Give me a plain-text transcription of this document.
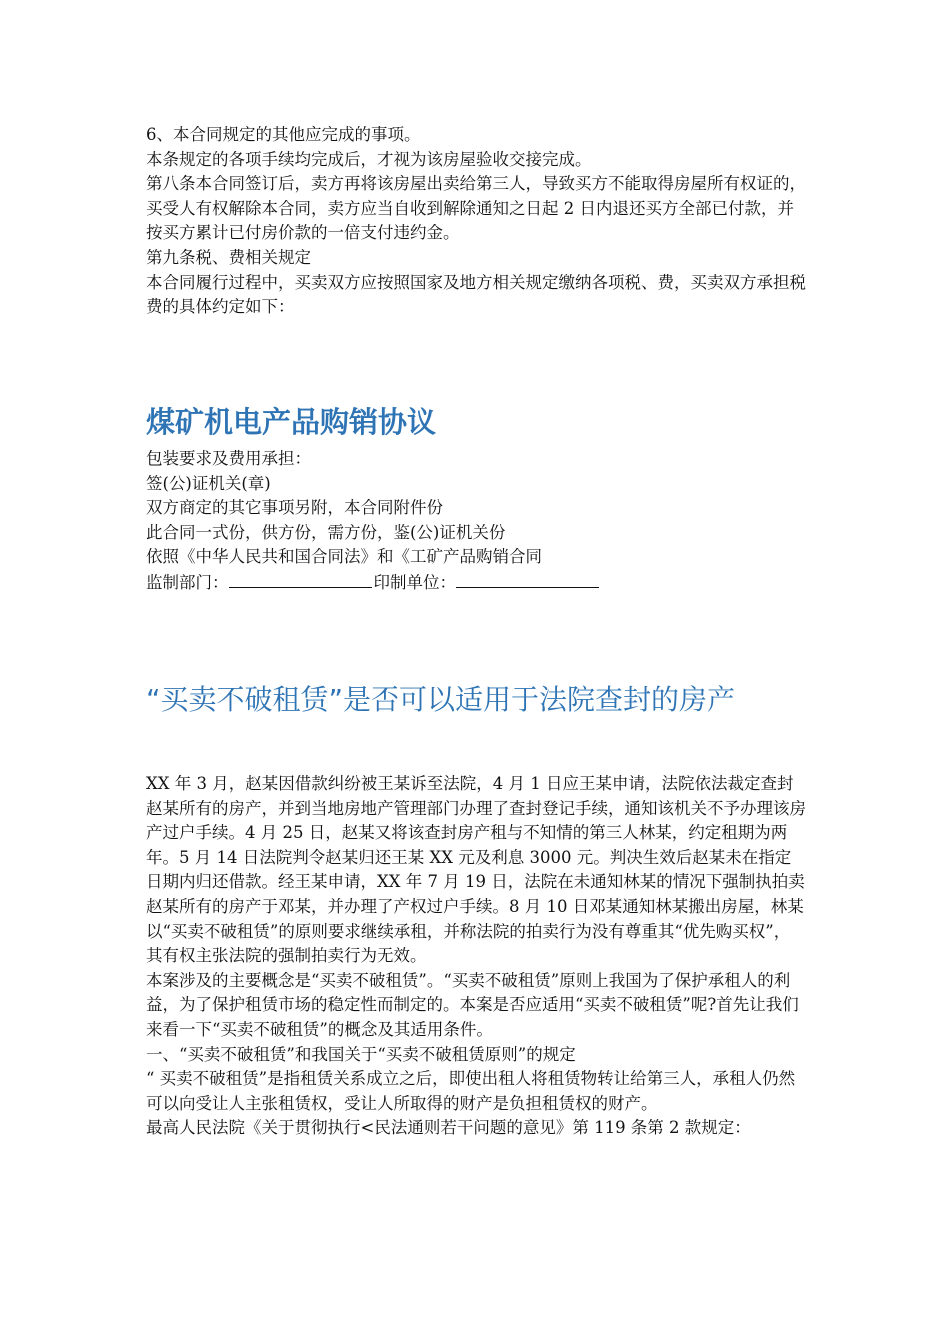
6、本合同规定的其他应完成的事项。

本条规定的各项手续均完成后，才视为该房屋验收交接完成。

第八条本合同签订后，卖方再将该房屋出卖给第三人，导致买方不能取得房屋所有权证的，买受人有权解除本合同，卖方应当自收到解除通知之日起 2 日内退还买方全部已付款，并按买方累计已付房价款的一倍支付违约金。

第九条税、费相关规定

本合同履行过程中，买卖双方应按照国家及地方相关规定缴纳各项税、费，买卖双方承担税费的具体约定如下：

煤矿机电产品购销协议

包装要求及费用承担：

签(公)证机关(章)

双方商定的其它事项另附，本合同附件份

此合同一式份，供方份，需方份，鉴(公)证机关份

依照《中华人民共和国合同法》和《工矿产品购销合同

监制部门：	印制单位：

“买卖不破租赁”是否可以适用于法院查封的房产

XX 年 3 月，赵某因借款纠纷被王某诉至法院，4 月 1 日应王某申请，法院依法裁定查封赵某所有的房产，并到当地房地产管理部门办理了查封登记手续，通知该机关不予办理该房产过户手续。4 月 25 日，赵某又将该查封房产租与不知情的第三人林某，约定租期为两年。5 月 14 日法院判令赵某归还王某 XX 元及利息 3000 元。判决生效后赵某未在指定日期内归还借款。经王某申请，XX 年 7 月 19 日，法院在未通知林某的情况下强制执拍卖赵某所有的房产于邓某，并办理了产权过户手续。8 月 10 日邓某通知林某搬出房屋，林某以“买卖不破租赁”的原则要求继续承租，并称法院的拍卖行为没有尊重其“优先购买权”，其有权主张法院的强制拍卖行为无效。

本案涉及的主要概念是“买卖不破租赁”。“买卖不破租赁”原则上我国为了保护承租人的利益，为了保护租赁市场的稳定性而制定的。本案是否应适用“买卖不破租赁”呢?首先让我们来看一下“买卖不破租赁”的概念及其适用条件。

一、“买卖不破租赁”和我国关于“买卖不破租赁原则”的规定

“ 买卖不破租赁”是指租赁关系成立之后，即使出租人将租赁物转让给第三人，承租人仍然可以向受让人主张租赁权，受让人所取得的财产是负担租赁权的财产。

最高人民法院《关于贯彻执行<民法通则若干问题的意见》第 119 条第 2 款规定：
